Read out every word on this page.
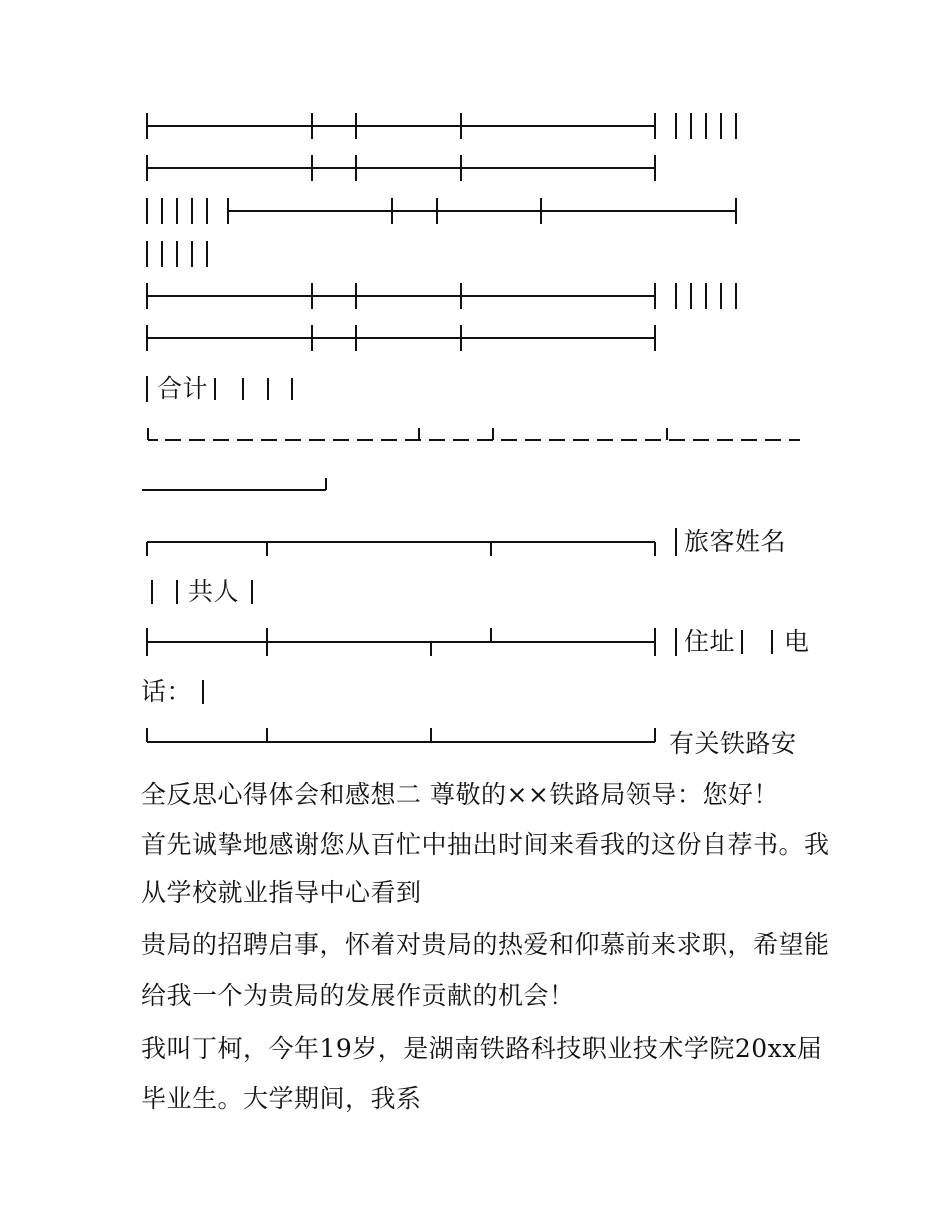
合计
旅客姓名
共人
住址 电
话：
有关铁路安
全反思心得体会和感想二 尊敬的××铁路局领导：您好！
首先诚挚地感谢您从百忙中抽出时间来看我的这份自荐书。我
从学校就业指导中心看到
贵局的招聘启事，怀着对贵局的热爱和仰慕前来求职，希望能
给我一个为贵局的发展作贡献的机会！
我叫丁柯，今年19岁，是湖南铁路科技职业技术学院20xx届
毕业生。大学期间，我系
